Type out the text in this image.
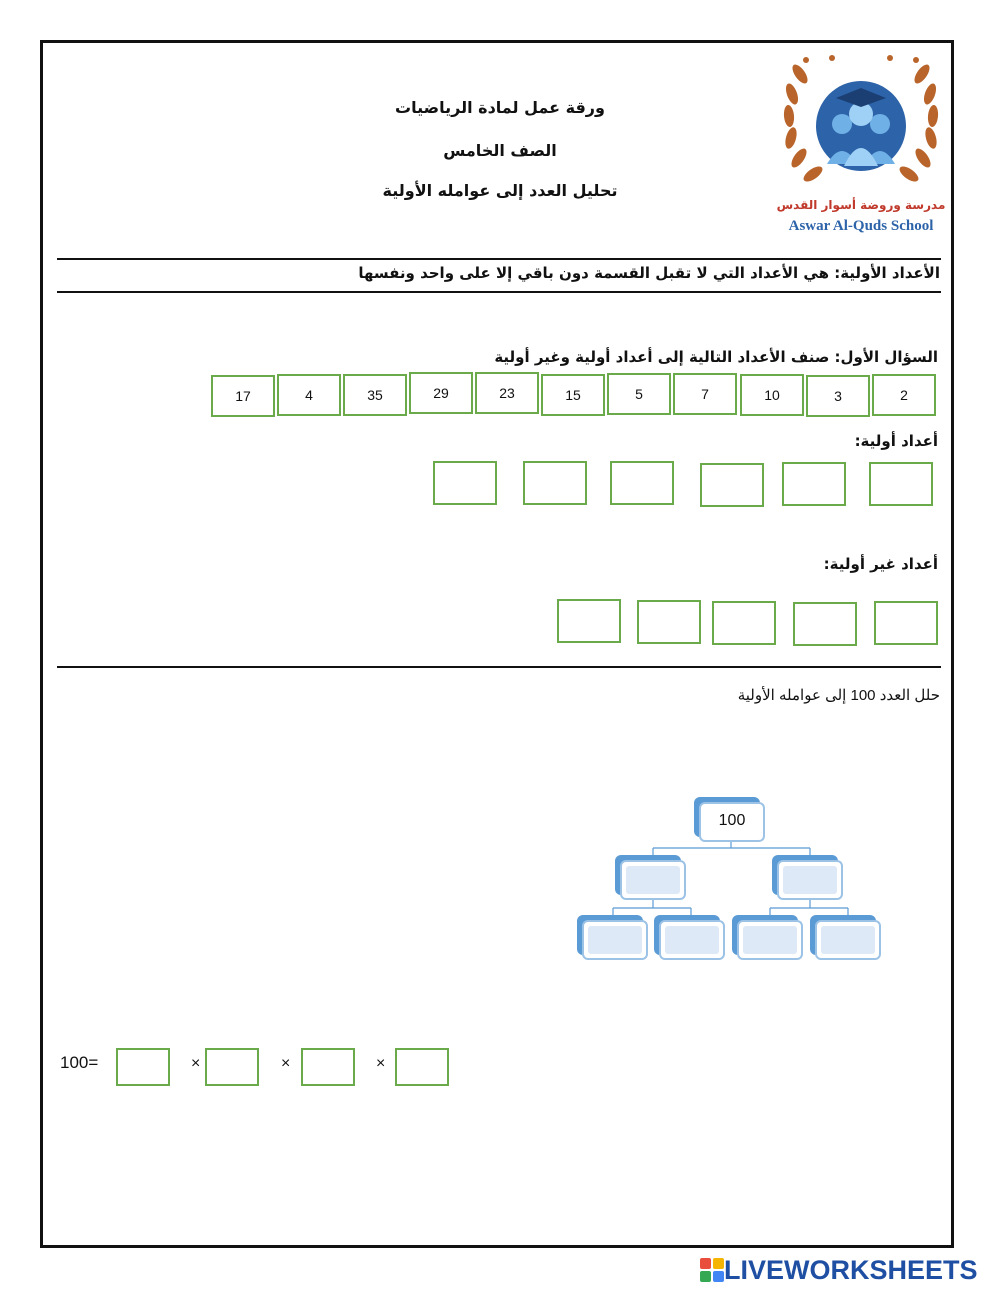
ورقة عمل لمادة الرياضيات
الصف الخامس
تحليل العدد إلى عوامله الأولية
مدرسة وروضة أسوار القدس
Aswar Al-Quds School
الأعداد الأولية: هي الأعداد التي لا تقبل القسمة دون باقي إلا على واحد ونفسها
السؤال الأول: صنف الأعداد التالية إلى أعداد أولية وغير أولية
2
3
10
7
5
15
23
29
35
4
17
أعداد أولية:
أعداد غير أولية:
حلل العدد 100 إلى عوامله الأولية
100
100=	×	×	×
LIVEWORKSHEETS
